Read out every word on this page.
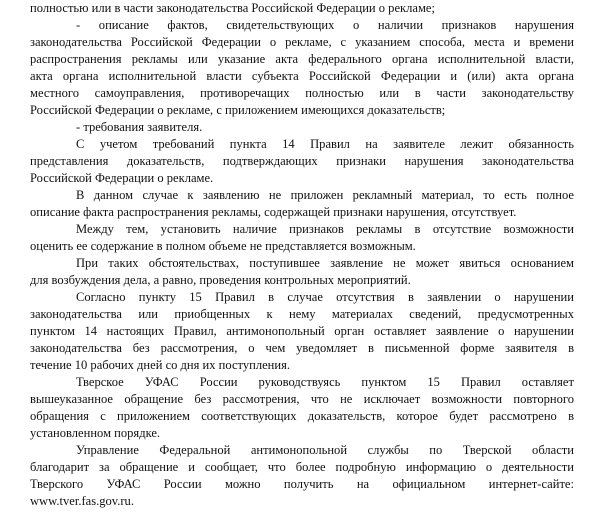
полностью или в части законодательства Российской Федерации о рекламе;
- описание фактов, свидетельствующих о наличии признаков нарушения
законодательства Российской Федерации о рекламе, с указанием способа, места и времени
распространения рекламы или указание акта федерального органа исполнительной власти,
акта органа исполнительной власти субъекта Российской Федерации и (или) акта органа
местного самоуправления, противоречащих полностью или в части законодательству
Российской Федерации о рекламе, с приложением имеющихся доказательств;
- требования заявителя.
С учетом требований пункта 14 Правил на заявителе лежит обязанность
представления доказательств, подтверждающих признаки нарушения законодательства
Российской Федерации о рекламе.
В данном случае к заявлению не приложен рекламный материал, то есть полное
описание факта распространения рекламы, содержащей признаки нарушения, отсутствует.
Между тем, установить наличие признаков рекламы в отсутствие возможности
оценить ее содержание в полном объеме не представляется возможным.
При таких обстоятельствах, поступившее заявление не может явиться основанием
для возбуждения дела, а равно, проведения контрольных мероприятий.
Согласно пункту 15 Правил в случае отсутствия в заявлении о нарушении
законодательства или приобщенных к нему материалах сведений, предусмотренных
пунктом 14 настоящих Правил, антимонопольный орган оставляет заявление о нарушении
законодательства без рассмотрения, о чем уведомляет в письменной форме заявителя в
течение 10 рабочих дней со дня их поступления.
Тверское УФАС России руководствуясь пунктом 15 Правил оставляет
вышеуказанное обращение без рассмотрения, что не исключает возможности повторного
обращения с приложением соответствующих доказательств, которое будет рассмотрено в
установленном порядке.
Управление Федеральной антимонопольной службы по Тверской области
благодарит за обращение и сообщает, что более подробную информацию о деятельности
Тверского УФАС России можно получить на официальном интернет-сайте:
www.tver.fas.gov.ru.
